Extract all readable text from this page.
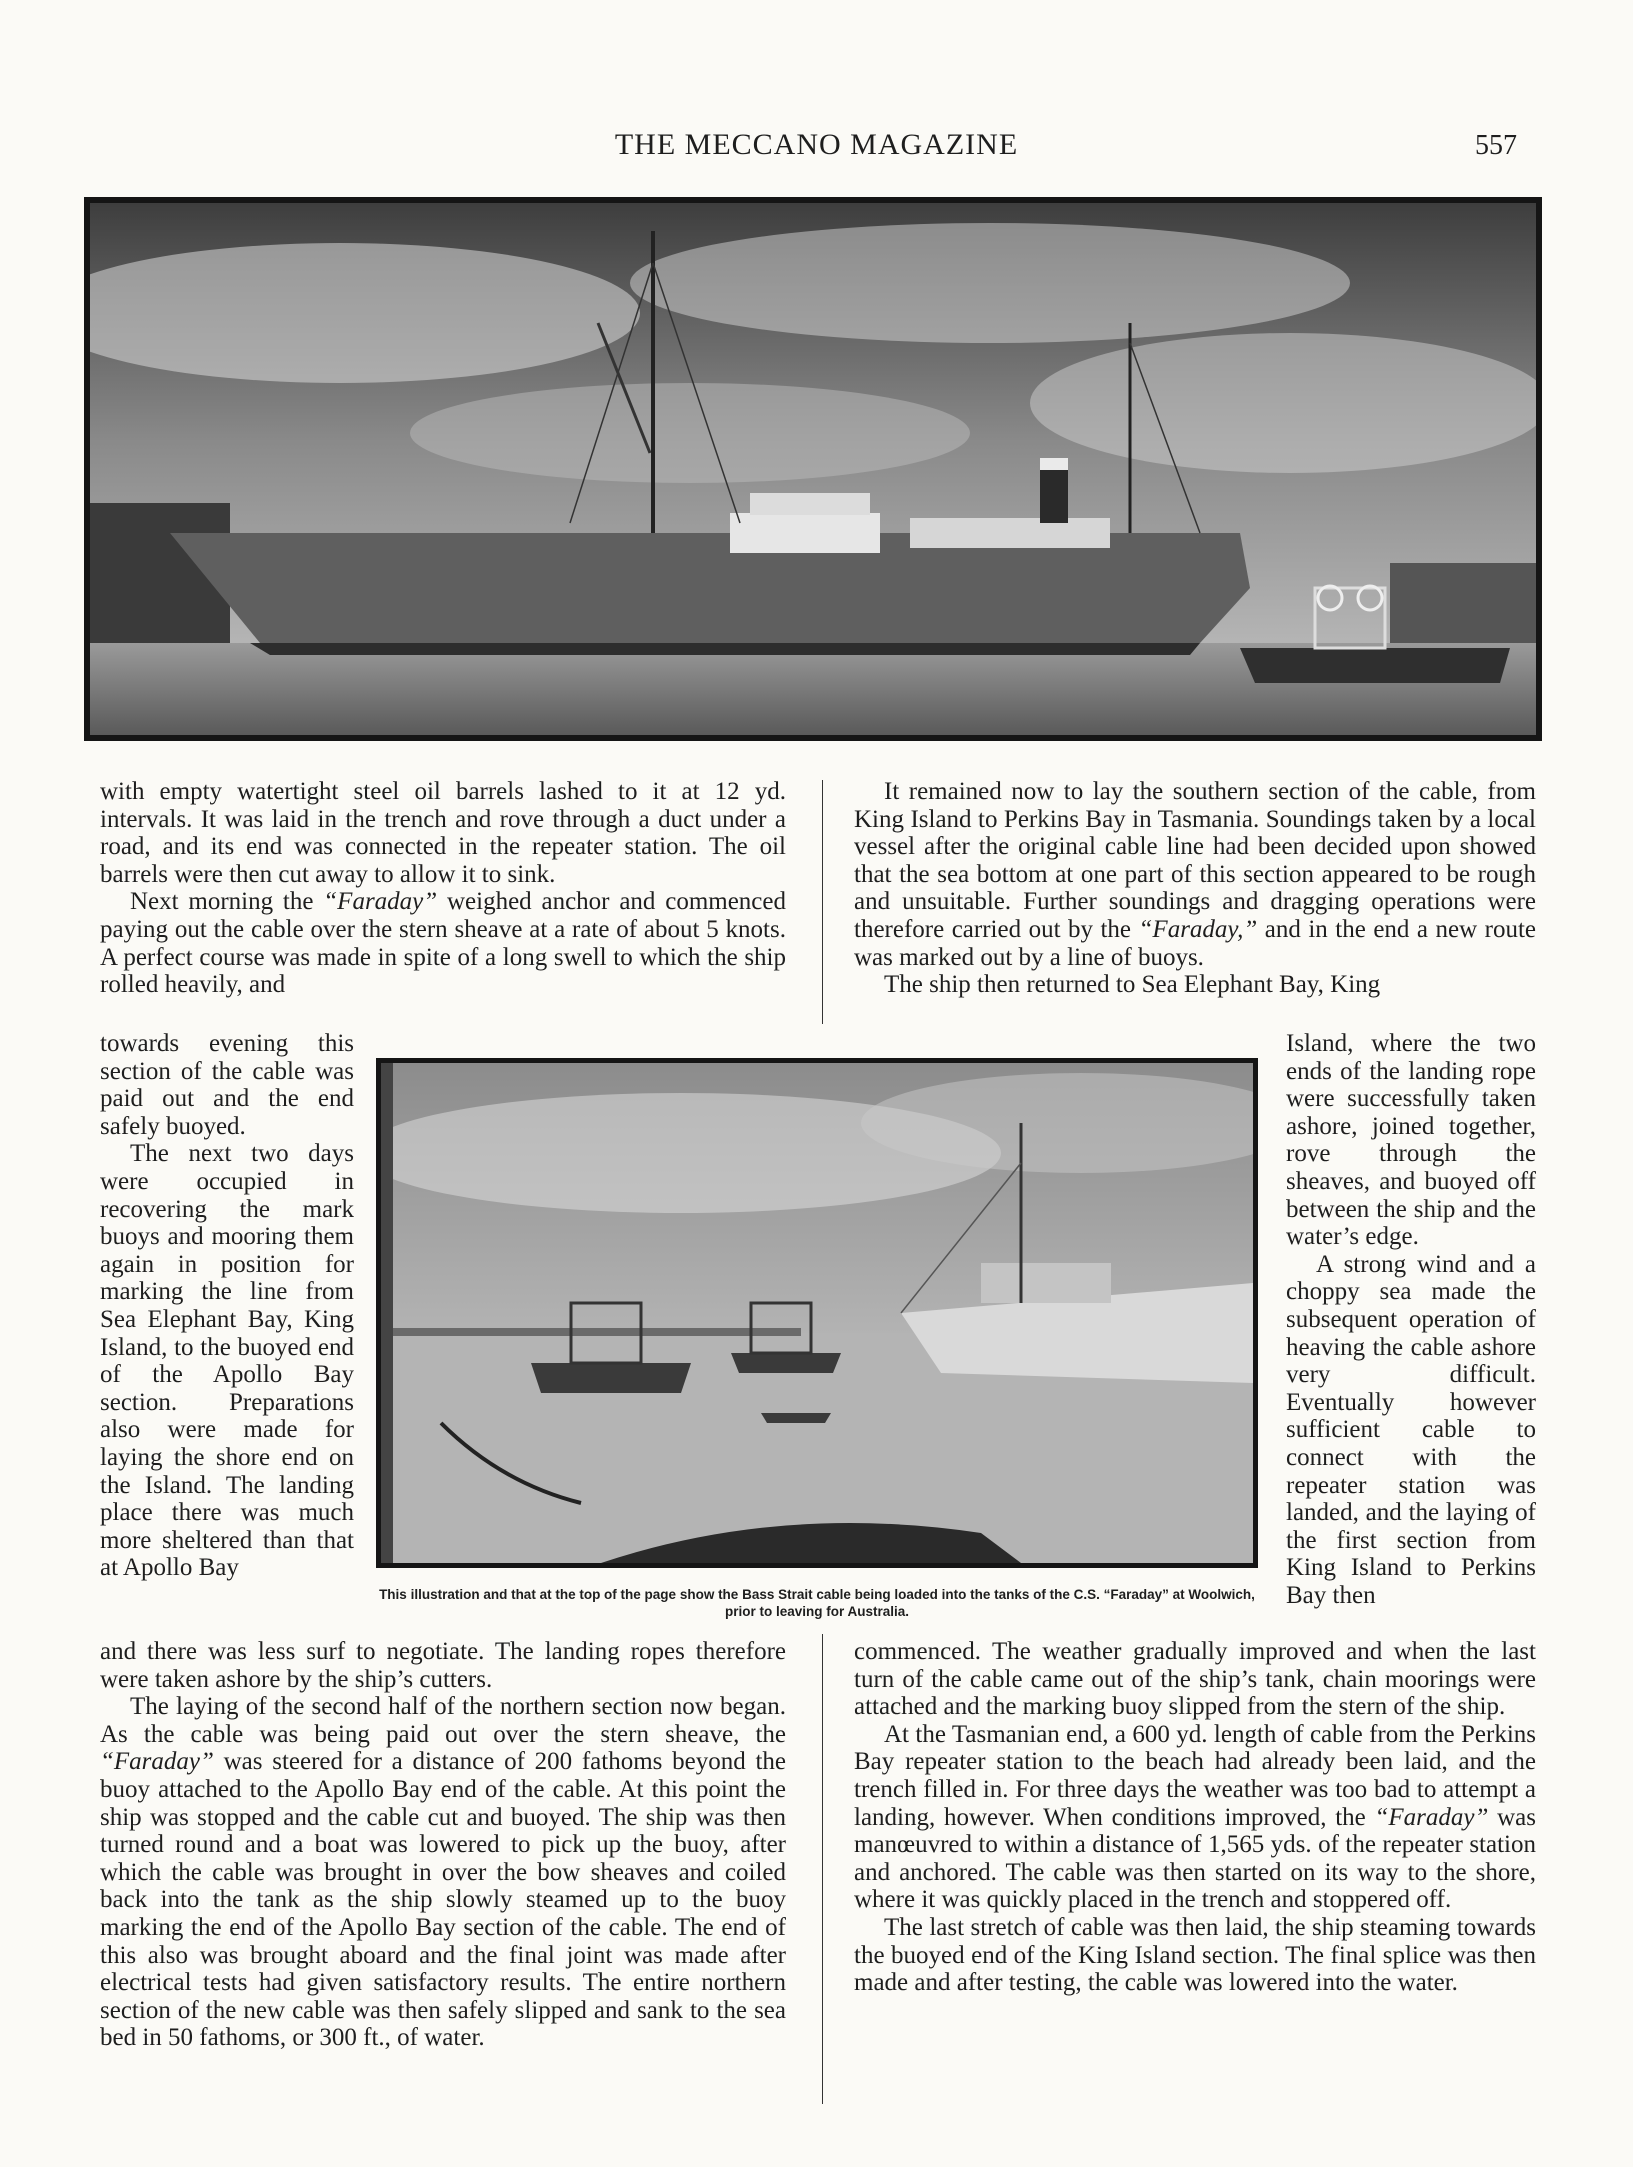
THE MECCANO MAGAZINE	557

with empty watertight steel oil barrels lashed to it at 12 yd. intervals. It was laid in the trench and rove through a duct under a road, and its end was connected in the repeater station. The oil barrels were then cut away to allow it to sink.

Next morning the “Faraday” weighed anchor and commenced paying out the cable over the stern sheave at a rate of about 5 knots. A perfect course was made in spite of a long swell to which the ship rolled heavily, and

towards evening this section of the cable was paid out and the end safely buoyed.

The next two days were occupied in recovering the mark buoys and mooring them again in position for marking the line from Sea Elephant Bay, King Island, to the buoyed end of the Apollo Bay section. Preparations also were made for laying the shore end on the Island. The landing place there was much more sheltered than that at Apollo Bay

and there was less surf to negotiate. The landing ropes therefore were taken ashore by the ship’s cutters.

The laying of the second half of the northern section now began. As the cable was being paid out over the stern sheave, the “Faraday” was steered for a distance of 200 fathoms beyond the buoy attached to the Apollo Bay end of the cable. At this point the ship was stopped and the cable cut and buoyed. The ship was then turned round and a boat was lowered to pick up the buoy, after which the cable was brought in over the bow sheaves and coiled back into the tank as the ship slowly steamed up to the buoy marking the end of the Apollo Bay section of the cable. The end of this also was brought aboard and the final joint was made after electrical tests had given satisfactory results. The entire northern section of the new cable was then safely slipped and sank to the sea bed in 50 fathoms, or 300 ft., of water.

It remained now to lay the southern section of the cable, from King Island to Perkins Bay in Tasmania. Soundings taken by a local vessel after the original cable line had been decided upon showed that the sea bottom at one part of this section appeared to be rough and unsuitable. Further soundings and dragging operations were therefore carried out by the “Faraday,” and in the end a new route was marked out by a line of buoys.

The ship then returned to Sea Elephant Bay, King

Island, where the two ends of the landing rope were successfully taken ashore, joined together, rove through the sheaves, and buoyed off between the ship and the water’s edge.

A strong wind and a choppy sea made the subsequent operation of heaving the cable ashore very difficult. Eventually however sufficient cable to connect with the repeater station was landed, and the laying of the first section from King Island to Perkins Bay then

commenced. The weather gradually improved and when the last turn of the cable came out of the ship’s tank, chain moorings were attached and the marking buoy slipped from the stern of the ship.

At the Tasmanian end, a 600 yd. length of cable from the Perkins Bay repeater station to the beach had already been laid, and the trench filled in. For three days the weather was too bad to attempt a landing, however. When conditions improved, the “Faraday” was manœuvred to within a distance of 1,565 yds. of the repeater station and anchored. The cable was then started on its way to the shore, where it was quickly placed in the trench and stoppered off.

The last stretch of cable was then laid, the ship steaming towards the buoyed end of the King Island section. The final splice was then made and after testing, the cable was lowered into the water.

This illustration and that at the top of the page show the Bass Strait cable being loaded into the tanks of the C.S. “Faraday” at Woolwich, prior to leaving for Australia.
